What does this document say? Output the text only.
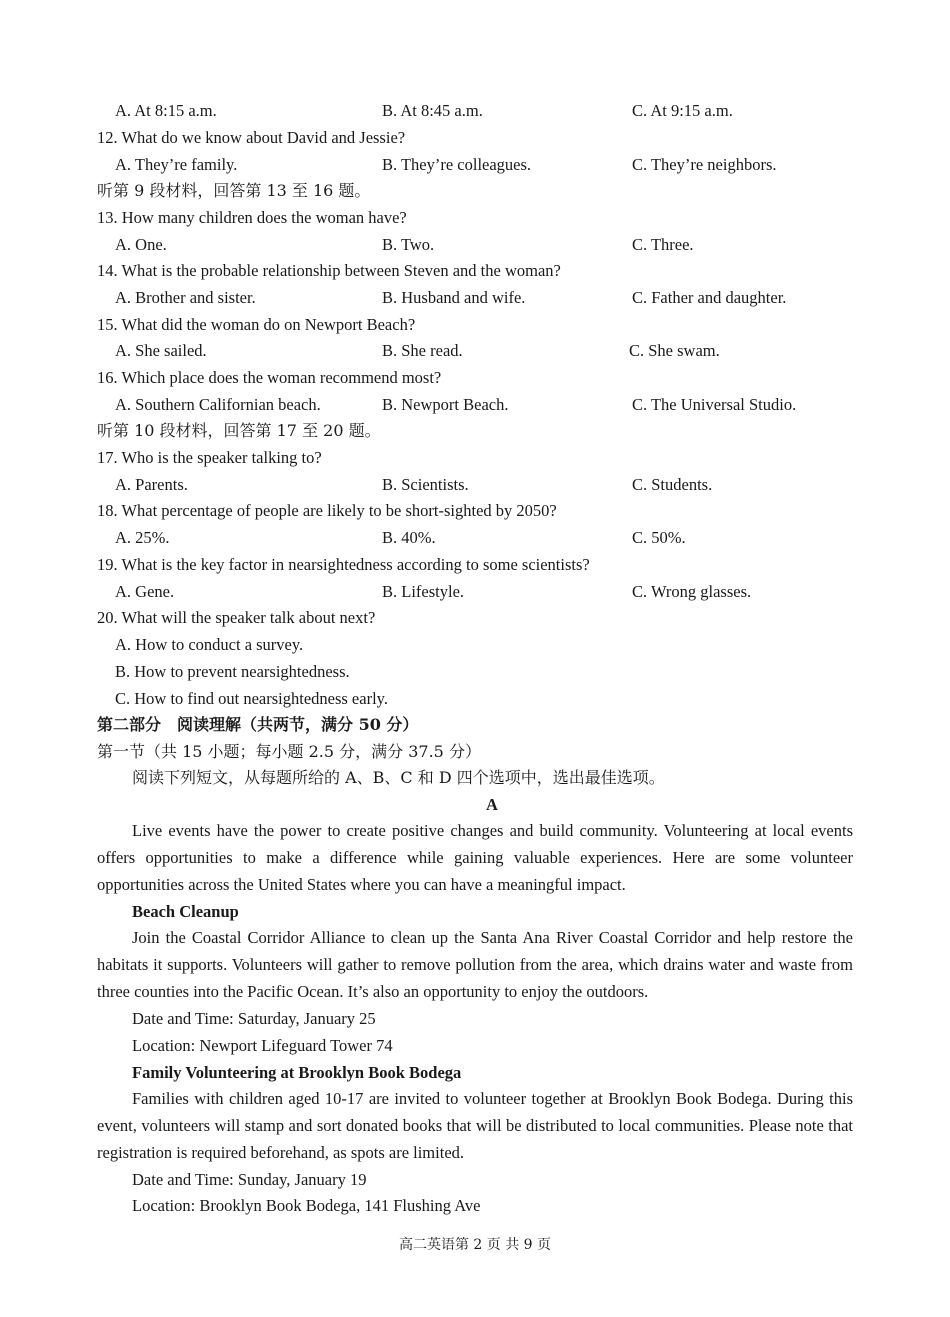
A. At 8:15 a.m.	B. At 8:45 a.m.	C. At 9:15 a.m.
12. What do we know about David and Jessie?
A. They’re family.	B. They’re colleagues.	C. They’re neighbors.
听第 9 段材料，回答第 13 至 16 题。
13. How many children does the woman have?
A. One.	B. Two.	C. Three.
14. What is the probable relationship between Steven and the woman?
A. Brother and sister.	B. Husband and wife.	C. Father and daughter.
15. What did the woman do on Newport Beach?
A. She sailed.	B. She read.	C. She swam.
16. Which place does the woman recommend most?
A. Southern Californian beach.	B. Newport Beach.	C. The Universal Studio.
听第 10 段材料，回答第 17 至 20 题。
17. Who is the speaker talking to?
A. Parents.	B. Scientists.	C. Students.
18. What percentage of people are likely to be short-sighted by 2050?
A. 25%.	B. 40%.	C. 50%.
19. What is the key factor in nearsightedness according to some scientists?
A. Gene.	B. Lifestyle.	C. Wrong glasses.
20. What will the speaker talk about next?
A. How to conduct a survey.
B. How to prevent nearsightedness.
C. How to find out nearsightedness early.
第二部分　阅读理解（共两节，满分 50 分）
第一节（共 15 小题；每小题 2.5 分，满分 37.5 分）
阅读下列短文，从每题所给的 A、B、C 和 D 四个选项中，选出最佳选项。
A
Live events have the power to create positive changes and build community. Volunteering at local events offers opportunities to make a difference while gaining valuable experiences. Here are some volunteer opportunities across the United States where you can have a meaningful impact.
Beach Cleanup
Join the Coastal Corridor Alliance to clean up the Santa Ana River Coastal Corridor and help restore the habitats it supports. Volunteers will gather to remove pollution from the area, which drains water and waste from three counties into the Pacific Ocean. It’s also an opportunity to enjoy the outdoors.
Date and Time: Saturday, January 25
Location: Newport Lifeguard Tower 74
Family Volunteering at Brooklyn Book Bodega
Families with children aged 10-17 are invited to volunteer together at Brooklyn Book Bodega. During this event, volunteers will stamp and sort donated books that will be distributed to local communities. Please note that registration is required beforehand, as spots are limited.
Date and Time: Sunday, January 19
Location: Brooklyn Book Bodega, 141 Flushing Ave
高二英语第 2 页 共 9 页
